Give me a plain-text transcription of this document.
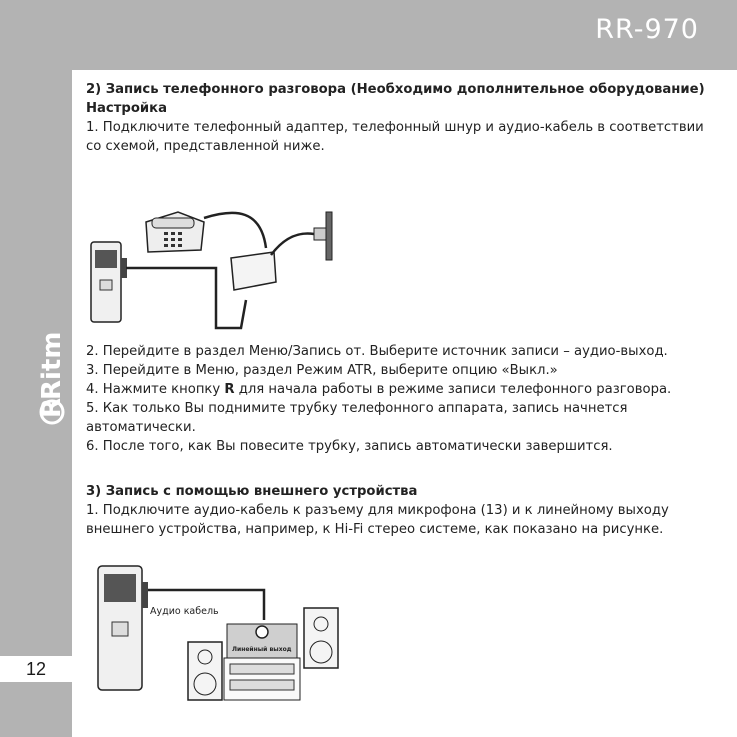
RR-970
R
Ritmix
12

2) Запись телефонного разговора (Необходимо дополнительное оборудование)

Настройка

1. Подключите телефонный адаптер, телефонный шнур и аудио-кабель в соответствии со схемой, представленной ниже.

2. Перейдите в раздел Меню/Запись от. Выберите источник записи – аудио-выход.

3. Перейдите в Меню, раздел Режим ATR, выберите опцию «Выкл.»

4. Нажмите кнопку R для начала работы в режиме записи телефонного разговора.

5. Как только Вы поднимите трубку телефонного аппарата, запись начнется автоматически.

6. После того, как Вы повесите трубку, запись автоматически завершится.

3) Запись с помощью внешнего устройства

1. Подключите аудио-кабель к разъему для микрофона (13) и к линейному выходу внешнего устройства, например, к Hi-Fi стерео системе, как показано на рисунке.

Аудио кабель
Линейный выход
